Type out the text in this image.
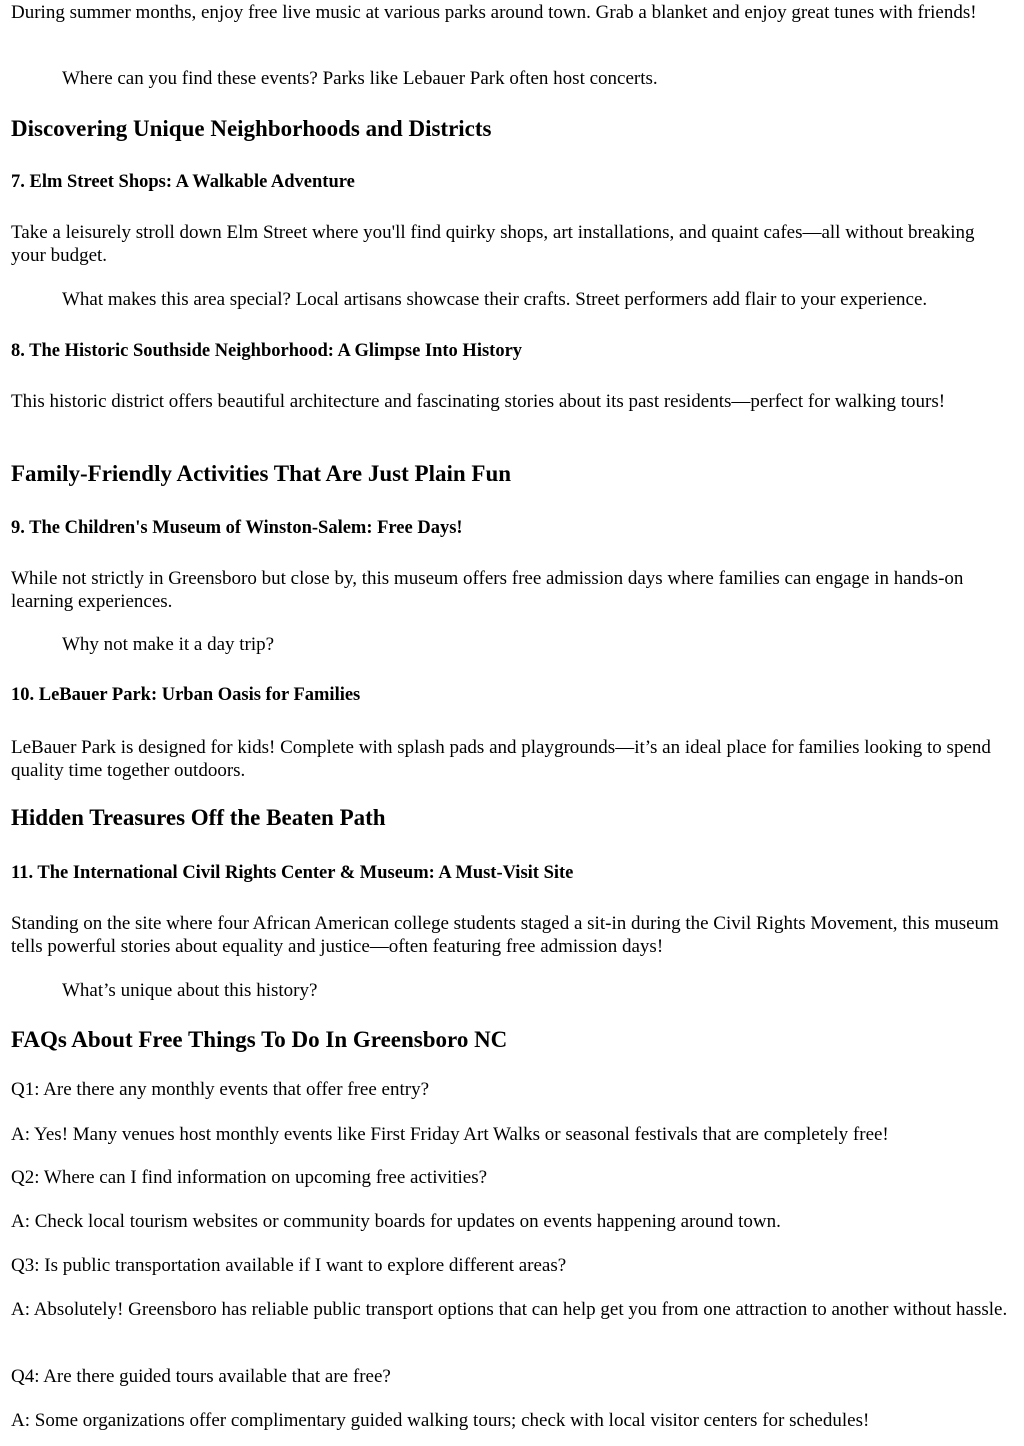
During summer months, enjoy free live music at various parks around town. Grab a blanket and enjoy great tunes with friends!

Where can you find these events? Parks like Lebauer Park often host concerts.

Discovering Unique Neighborhoods and Districts
7. Elm Street Shops: A Walkable Adventure

Take a leisurely stroll down Elm Street where you'll find quirky shops, art installations, and quaint cafes—all without breaking your budget.

What makes this area special? Local artisans showcase their crafts. Street performers add flair to your experience.

8. The Historic Southside Neighborhood: A Glimpse Into History

This historic district offers beautiful architecture and fascinating stories about its past residents—perfect for walking tours!

Family-Friendly Activities That Are Just Plain Fun
9. The Children's Museum of Winston-Salem: Free Days!

While not strictly in Greensboro but close by, this museum offers free admission days where families can engage in hands-on learning experiences.

Why not make it a day trip?

10. LeBauer Park: Urban Oasis for Families

LeBauer Park is designed for kids! Complete with splash pads and playgrounds—it’s an ideal place for families looking to spend quality time together outdoors.

Hidden Treasures Off the Beaten Path
11. The International Civil Rights Center & Museum: A Must-Visit Site

Standing on the site where four African American college students staged a sit-in during the Civil Rights Movement, this museum tells powerful stories about equality and justice—often featuring free admission days!

What’s unique about this history?

FAQs About Free Things To Do In Greensboro NC

Q1: Are there any monthly events that offer free entry?

A: Yes! Many venues host monthly events like First Friday Art Walks or seasonal festivals that are completely free!

Q2: Where can I find information on upcoming free activities?

A: Check local tourism websites or community boards for updates on events happening around town.

Q3: Is public transportation available if I want to explore different areas?

A: Absolutely! Greensboro has reliable public transport options that can help get you from one attraction to another without hassle.

Q4: Are there guided tours available that are free?

A: Some organizations offer complimentary guided walking tours; check with local visitor centers for schedules!
